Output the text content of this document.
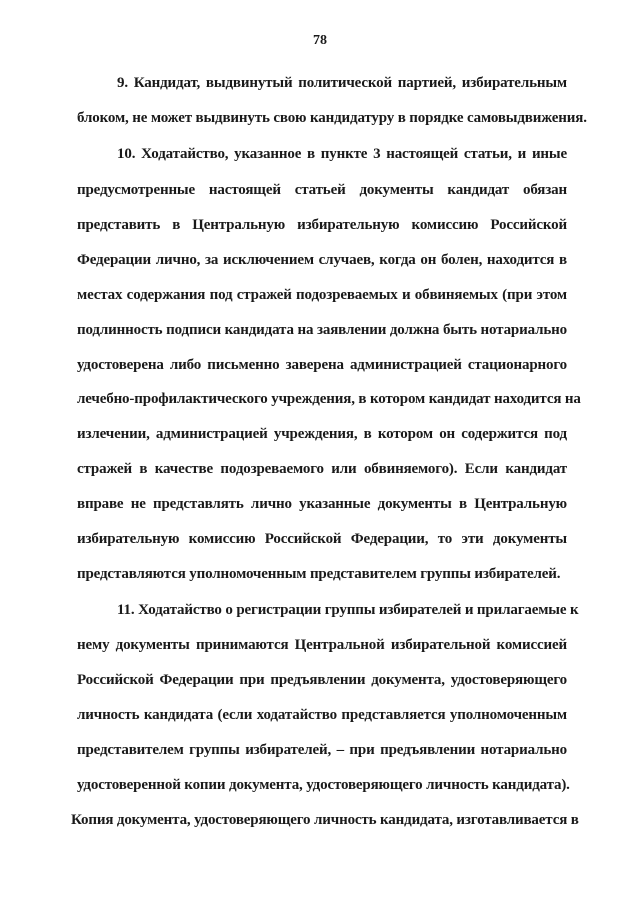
78
9. Кандидат, выдвинутый политической партией, избирательным
блоком, не может выдвинуть свою кандидатуру в порядке самовыдвижения.
10. Ходатайство, указанное в пункте 3 настоящей статьи, и иные
предусмотренные настоящей статьей документы кандидат обязан
представить в Центральную избирательную комиссию Российской
Федерации лично, за исключением случаев, когда он болен, находится в
местах содержания под стражей подозреваемых и обвиняемых (при этом
подлинность подписи кандидата на заявлении должна быть нотариально
удостоверена либо письменно заверена администрацией стационарного
лечебно-профилактического учреждения, в котором кандидат находится на
излечении, администрацией учреждения, в котором он содержится под
стражей в качестве подозреваемого или обвиняемого). Если кандидат
вправе не представлять лично указанные документы в Центральную
избирательную комиссию Российской Федерации, то эти документы
представляются уполномоченным представителем группы избирателей.
11. Ходатайство о регистрации группы избирателей и прилагаемые к
нему документы принимаются Центральной избирательной комиссией
Российской Федерации при предъявлении документа, удостоверяющего
личность кандидата (если ходатайство представляется уполномоченным
представителем группы избирателей, – при предъявлении нотариально
удостоверенной копии документа, удостоверяющего личность кандидата).
Копия документа, удостоверяющего личность кандидата, изготавливается в
